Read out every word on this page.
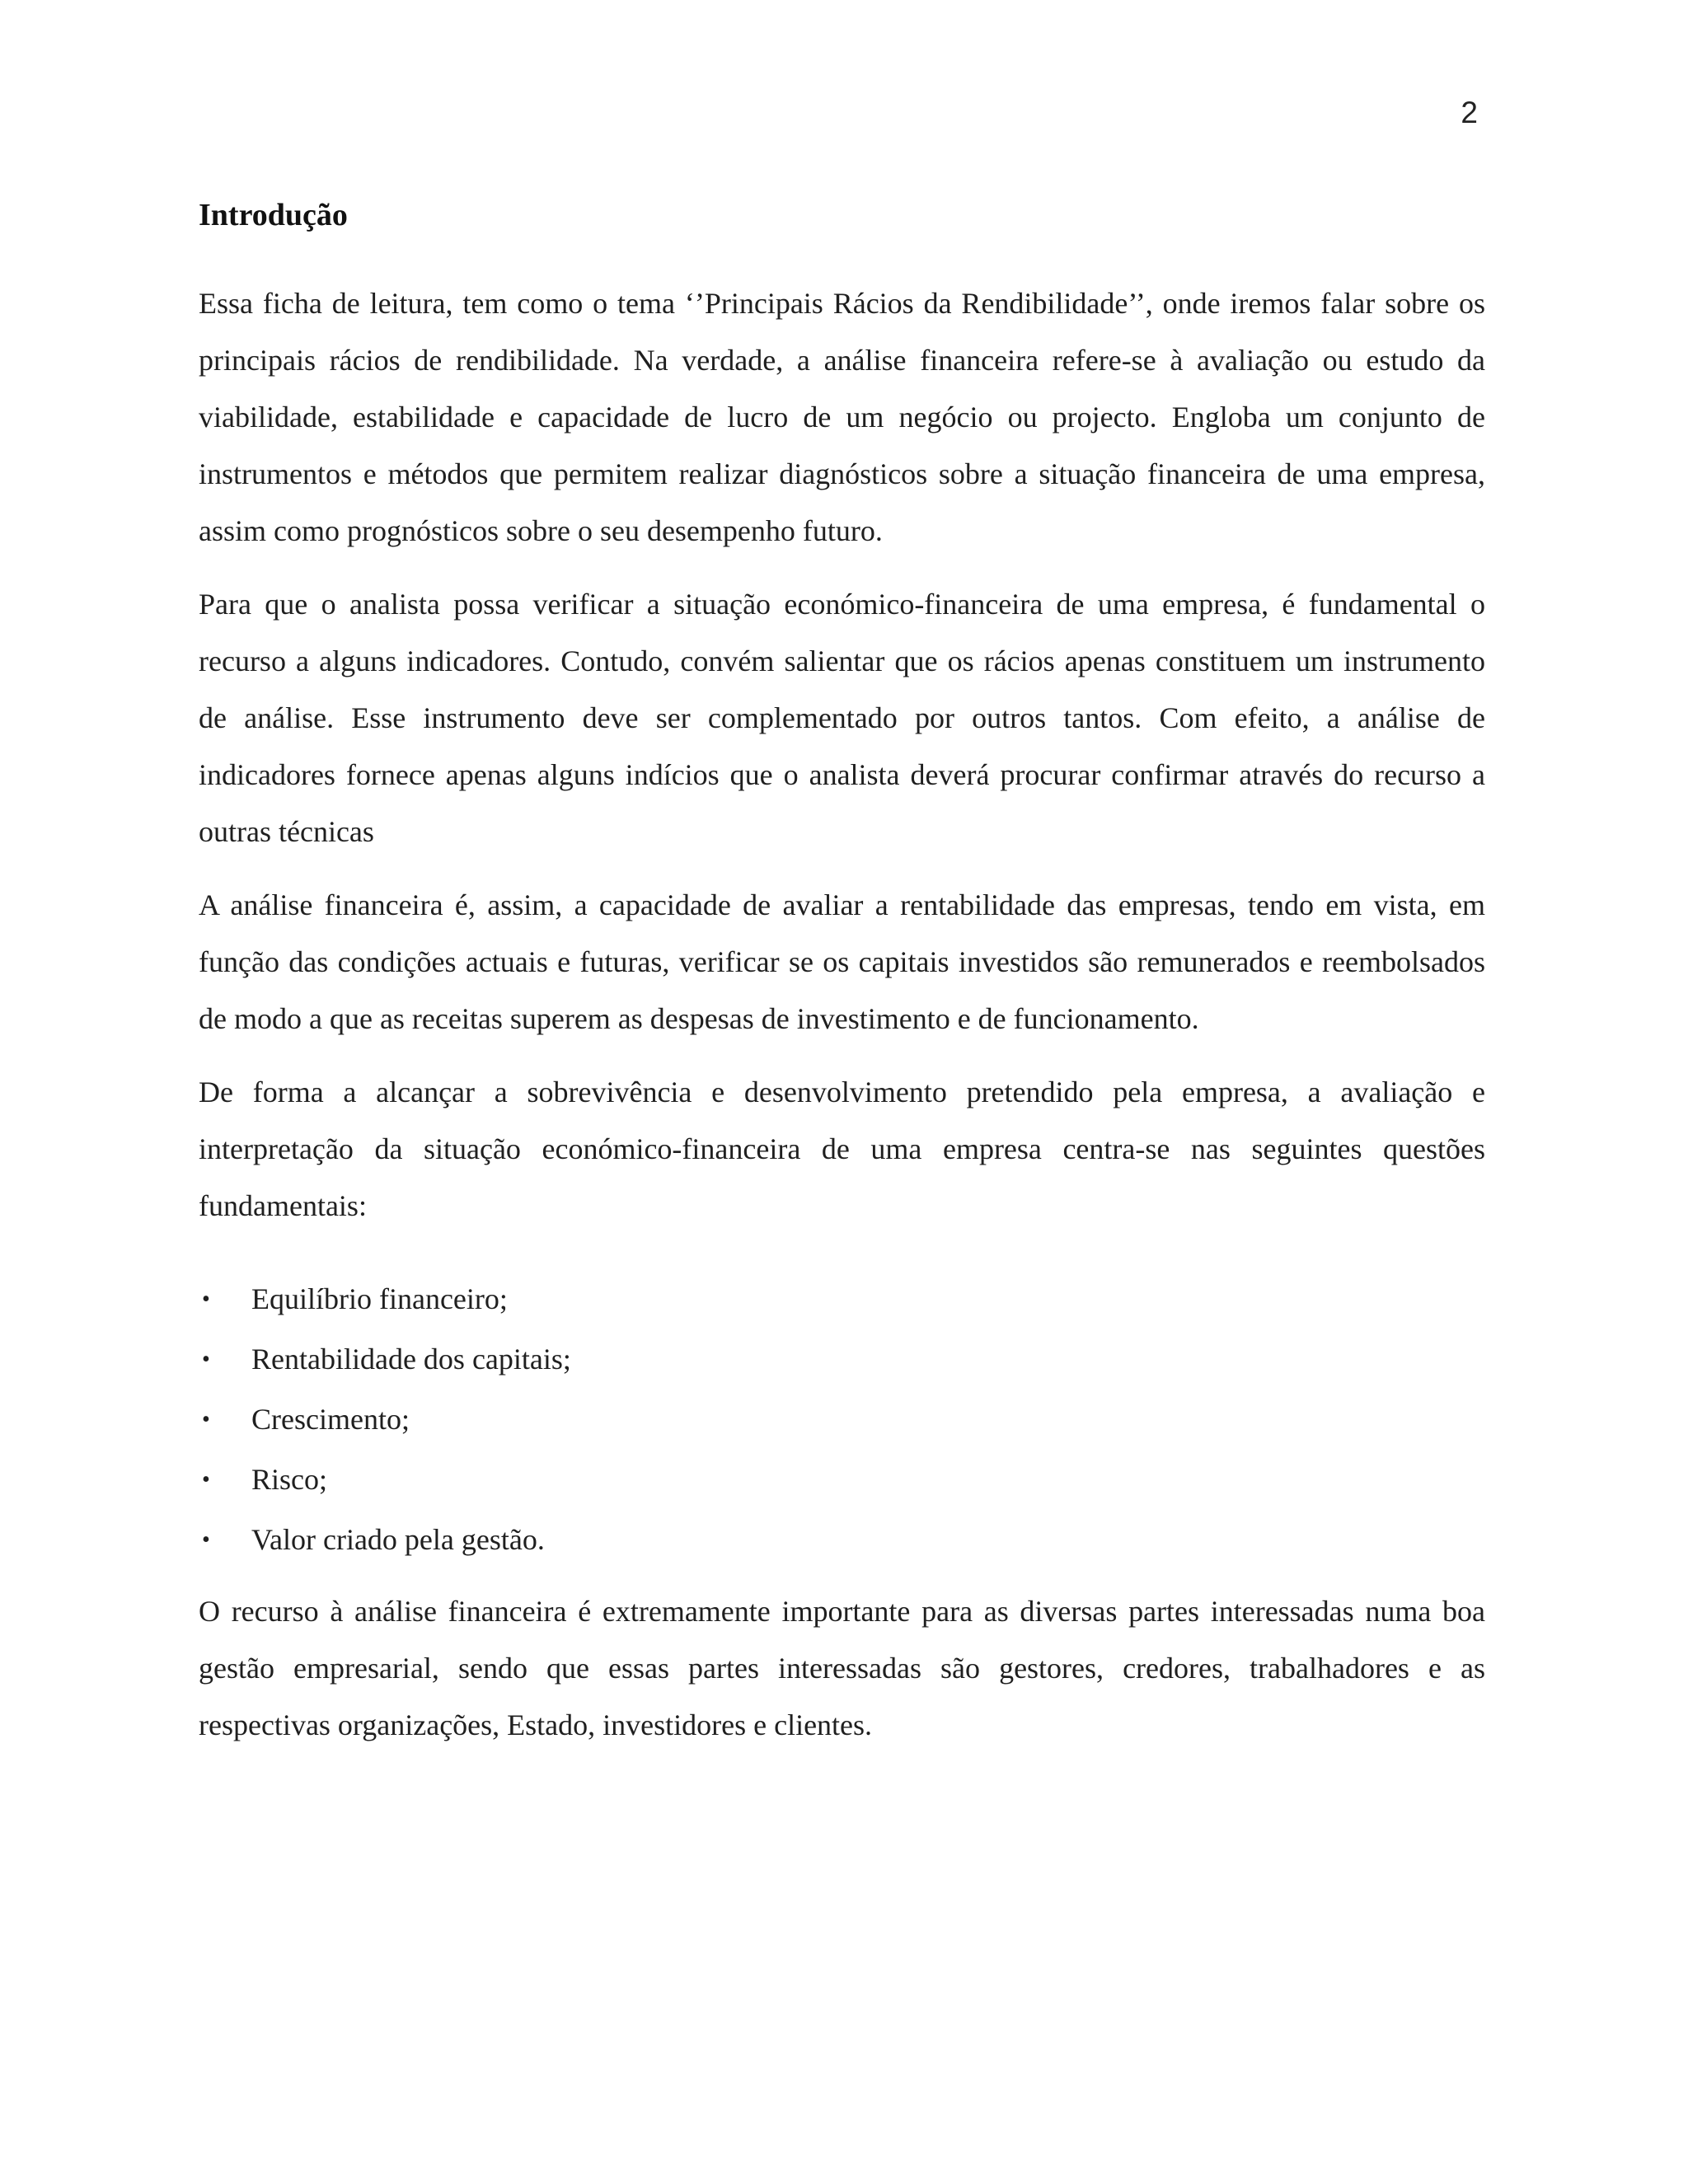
2
Introdução

Essa ficha de leitura, tem como o tema ‘’Principais Rácios da Rendibilidade’’, onde iremos falar sobre os principais rácios de rendibilidade. Na verdade, a análise financeira refere-se à avaliação ou estudo da viabilidade, estabilidade e capacidade de lucro de um negócio ou projecto. Engloba um conjunto de instrumentos e métodos que permitem realizar diagnósticos sobre a situação financeira de uma empresa, assim como prognósticos sobre o seu desempenho futuro.

Para que o analista possa verificar a situação económico-financeira de uma empresa, é fundamental o recurso a alguns indicadores. Contudo, convém salientar que os rácios apenas constituem um instrumento de análise. Esse instrumento deve ser complementado por outros tantos. Com efeito, a análise de indicadores fornece apenas alguns indícios que o analista deverá procurar confirmar através do recurso a outras técnicas

A análise financeira é, assim, a capacidade de avaliar a rentabilidade das empresas, tendo em vista, em função das condições actuais e futuras, verificar se os capitais investidos são remunerados e reembolsados de modo a que as receitas superem as despesas de investimento e de funcionamento.

De forma a alcançar a sobrevivência e desenvolvimento pretendido pela empresa, a avaliação e interpretação da situação económico-financeira de uma empresa centra-se nas seguintes questões fundamentais:

• Equilíbrio financeiro;
• Rentabilidade dos capitais;
• Crescimento;
• Risco;
• Valor criado pela gestão.

O recurso à análise financeira é extremamente importante para as diversas partes interessadas numa boa gestão empresarial, sendo que essas partes interessadas são gestores, credores, trabalhadores e as respectivas organizações, Estado, investidores e clientes.
